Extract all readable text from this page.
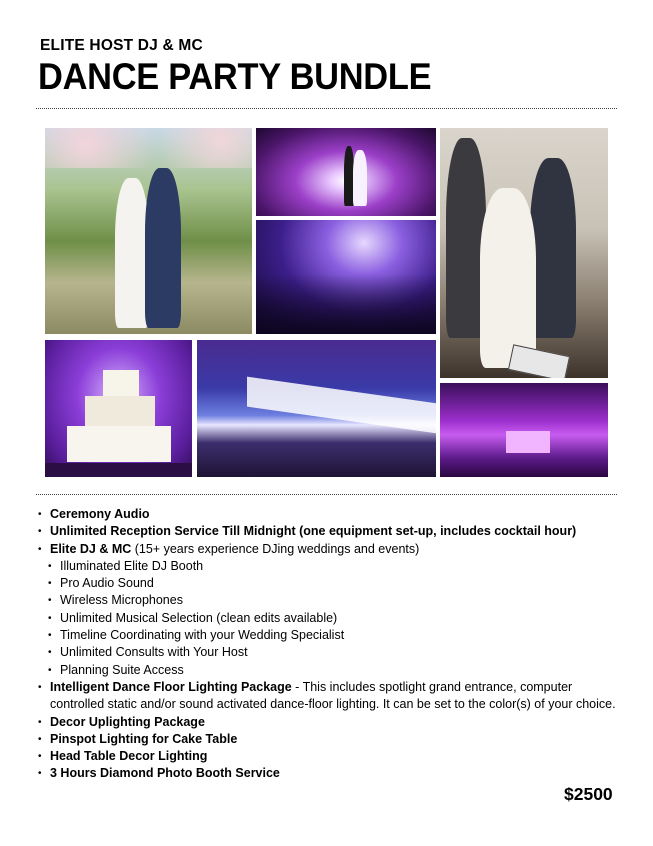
ELITE HOST DJ & MC
DANCE PARTY BUNDLE
• Ceremony Audio
• Unlimited Reception Service Till Midnight (one equipment set-up, includes cocktail hour)
• Elite DJ & MC (15+ years experience DJing weddings and events)
• Illuminated Elite DJ Booth
• Pro Audio Sound
• Wireless Microphones
• Unlimited Musical Selection (clean edits available)
• Timeline Coordinating with your Wedding Specialist
• Unlimited Consults with Your Host
• Planning Suite Access
• Intelligent Dance Floor Lighting Package - This includes spotlight grand entrance, computer controlled static and/or sound activated dance-floor lighting. It can be set to the color(s) of your choice.
• Decor Uplighting Package
• Pinspot Lighting for Cake Table
• Head Table Decor Lighting
• 3 Hours Diamond Photo Booth Service
$2500
